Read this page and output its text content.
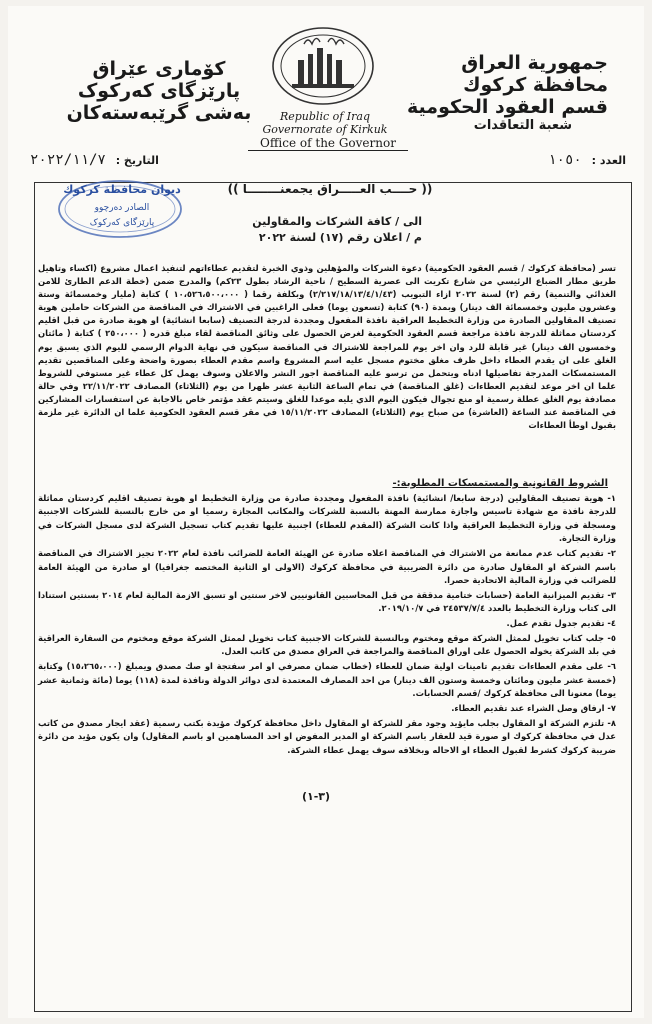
جمهورية العراق
محافظة كركوك
قسم العقود الحكومية
شعبة التعاقدات
کۆماری عێراق
پارێزگای کەرکوک
بەشی گرێبەستەکان	Republic of Iraq
Governorate of Kirkuk
Office of the Governor
العدد : ١٠٥٠
التاريخ : ٢٠٢٢/١١/٧
ديوان محافظة كركوك
الصادر دەرچوو
پارێزگای کەرکوک
(( حــــب العـــــراق يجمعنــــــــا ))
الى / كافة الشركات والمقاولين
م / اعلان رقم (١٧) لسنة ٢٠٢٢
تسر (محافظة كركوك / قسم العقود الحكومية) دعوة الشركات والمؤهلين وذوي الخبرة لتقديم عطاءاتهم لتنفيذ اعمال مشروع (اكساء وتاهيل طريق مطار الضباع الرئيسي من شارع تكريت الى عصرية السطيح / ناحية الرشاد بطول ٢٣كم) والمدرج ضمن (خطة الدعم الطارئ للامن الغذائي والتنمية) رقم (٢) لسنة ٢٠٢٢ ازاء التبويب (٢/٢١٧/١٨/١٣/٤/١/٤٣) وبكلفة رقما ( ١٠،٥٢٦،٥٠٠،٠٠٠ ) كتابة (مليار وخمسمائة وستة وعشرون مليون وخمسمائة الف دينار) وبمدة (٩٠) كتابة (تسعون يوما) فعلى الراغبين في الاشتراك في المناقصة من الشركات حاملين هوية تصنيف المقاولين الصادرة من وزارة التخطيط العراقية نافذة المفعول ومجددة لدرجة التصنيف (سابعا انشائية) او هوية صادرة من قبل اقليم كردستان مماثلة للدرجة نافذة مراجعة قسم العقود الحكومية لغرض الحصول على وثائق المناقصة لقاء مبلغ قدره ( ٢٥٠،٠٠٠ ) كتابة ( مائتان وخمسون الف دينار) غير قابلة للرد وان اخر يوم للمراجعة للاشتراك في المناقصة سيكون في نهاية الدوام الرسمي لليوم الذي يسبق يوم الغلق على ان يقدم العطاء داخل ظرف مغلق مختوم مسجل عليه اسم المشروع واسم مقدم العطاء بصورة واضحة وعلى المناقصين تقديم المستمسكات المدرجة تفاصيلها ادناه ويتحمل من ترسو عليه المناقصة اجور النشر والاعلان وسوف يهمل كل عطاء غير مستوفي للشروط علما ان اخر موعد لتقديم العطاءات (غلق المناقصة) في تمام الساعة الثانية عشر ظهرا من يوم (الثلاثاء) المصادف ٢٢/١١/٢٠٢٢ وفي حالة مصادفة يوم الغلق عطلة رسمية او منع تجوال فيكون اليوم الذي يليه موعدا للغلق وسيتم عقد مؤتمر خاص بالاجابة عن استفسارات المشاركين في المناقصة عند الساعة (العاشرة) من صباح يوم (الثلاثاء) المصادف ١٥/١١/٢٠٢٢ في مقر قسم العقود الحكومية علما ان الدائرة غير ملزمة بقبول اوطأ العطاءات
الشروط القانونية والمستمسكات المطلوبة:-

١- هوية تصنيف المقاولين (درجة سابعا/ انشائية) نافذة المفعول ومجددة صادرة من وزارة التخطيط او هوية تصنيف اقليم كردستان مماثلة للدرجة نافذة مع شهادة تاسيس واجازة ممارسة المهنة بالنسبة للشركات والمكاتب المجازة رسميا او من خارج بالنسبة للشركات الاجنبية ومسجلة في وزارة التخطيط العراقية واذا كانت الشركة (المقدم للعطاء) اجنبية عليها تقديم كتاب تسجيل الشركة لدى مسجل الشركات في وزارة التجارة.

٢- تقديم كتاب عدم ممانعة من الاشتراك في المناقصة اعلاه صادرة عن الهيئة العامة للضرائب نافذة لعام ٢٠٢٢ تجيز الاشتراك في المناقصة باسم الشركة او المقاول صادرة من دائرة الضريبية في محافظة كركوك (الاولى او الثانية المختصه جغرافيا) او صادرة من الهيئة العامة للضرائب في وزارة المالية الاتحادية حصرا.

٣- تقديم الميزانية العامة (حسابات ختامية مدققة من قبل المحاسبين القانونيين لاخر سنتين او تسبق الازمة المالية لعام ٢٠١٤ بسنتين استنادا الى كتاب وزارة التخطيط بالعدد ٢٤٥٣٧/٧/٤ في ٢٠١٩/١٠/٧.

٤- تقديم جدول تقدم عمل.

٥- جلب كتاب تخويل لممثل الشركة موقع ومختوم وبالنسبة للشركات الاجنبية كتاب تخويل لممثل الشركة موقع ومختوم من السفارة العراقية في بلد الشركة يخوله الحصول على اوراق المناقصة والمراجعة في العراق مصدق من كاتب العدل.

٦- على مقدم العطاءات تقديم تامينات اولية ضمان للعطاء (خطاب ضمان مصرفي او امر سفتجة او صك مصدق ويمبلغ (١٥،٢٦٥،٠٠٠) وكتابة (خمسة عشر مليون ومائتان وخمسة وستون الف دينار) من احد المصارف المعتمدة لدى دوائر الدولة ونافذة لمدة (١١٨) يوما (مائة وثمانية عشر يوما) معنونا الى محافظة كركوك /قسم الحسابات.

٧- ارفاق وصل الشراء عند تقديم العطاء.

٨- تلتزم الشركة او المقاول بجلب مايؤيد وجود مقر للشركة او المقاول داخل محافظة كركوك مؤيدة بكتب رسمية (عقد ايجار مصدق من كاتب عدل في محافظة كركوك او صورة قيد للعقار باسم الشركة او المدير المفوض او احد المساهمين او باسم المقاول) وان يكون مؤيد من دائرة ضريبة كركوك كشرط لقبول العطاء او الاحاله وبخلافه سوف يهمل عطاء الشركة.

(٣-١)
